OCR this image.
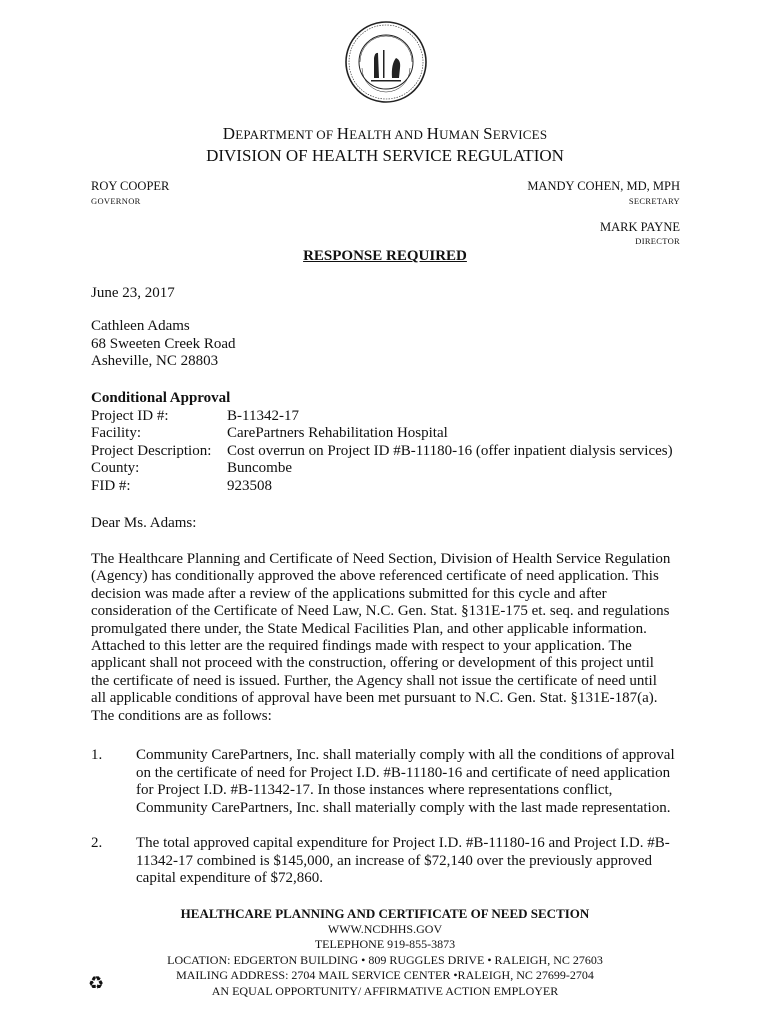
DEPARTMENT OF HEALTH AND HUMAN SERVICES
DIVISION OF HEALTH SERVICE REGULATION
ROY COOPER
GOVERNOR
MANDY COHEN, MD, MPH
SECRETARY
MARK PAYNE
DIRECTOR
RESPONSE REQUIRED
June 23, 2017
Cathleen Adams
68 Sweeten Creek Road
Asheville, NC 28803
Conditional Approval
Project ID #:	B-11342-17
Facility:	CarePartners Rehabilitation Hospital
Project Description:	Cost overrun on Project ID #B-11180-16 (offer inpatient dialysis services)
County:	Buncombe
FID #:	923508
Dear Ms. Adams:
The Healthcare Planning and Certificate of Need Section, Division of Health Service Regulation
(Agency) has conditionally approved the above referenced certificate of need application. This
decision was made after a review of the applications submitted for this cycle and after
consideration of the Certificate of Need Law, N.C. Gen. Stat. §131E-175 et. seq. and regulations
promulgated there under, the State Medical Facilities Plan, and other applicable information.
Attached to this letter are the required findings made with respect to your application. The
applicant shall not proceed with the construction, offering or development of this project until
the certificate of need is issued. Further, the Agency shall not issue the certificate of need until
all applicable conditions of approval have been met pursuant to N.C. Gen. Stat. §131E-187(a).
The conditions are as follows:
1. Community CarePartners, Inc. shall materially comply with all the conditions of approval
on the certificate of need for Project I.D. #B-11180-16 and certificate of need application
for Project I.D. #B-11342-17. In those instances where representations conflict,
Community CarePartners, Inc. shall materially comply with the last made representation.
2. The total approved capital expenditure for Project I.D. #B-11180-16 and Project I.D. #B-
11342-17 combined is $145,000, an increase of $72,140 over the previously approved
capital expenditure of $72,860.
HEALTHCARE PLANNING AND CERTIFICATE OF NEED SECTION
WWW.NCDHHS.GOV
TELEPHONE 919-855-3873
LOCATION: EDGERTON BUILDING • 809 RUGGLES DRIVE • RALEIGH, NC 27603
MAILING ADDRESS: 2704 MAIL SERVICE CENTER •RALEIGH, NC 27699-2704
AN EQUAL OPPORTUNITY/ AFFIRMATIVE ACTION EMPLOYER
♻
